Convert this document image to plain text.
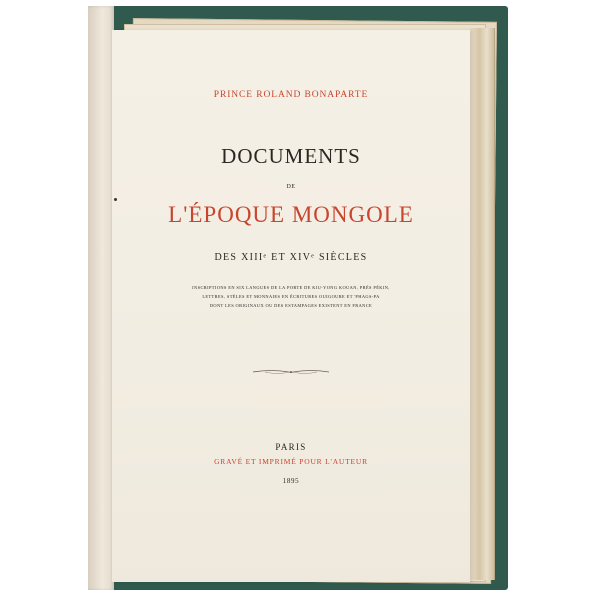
PRINCE ROLAND BONAPARTE
DOCUMENTS
DE
L'ÉPOQUE MONGOLE
DES XIIIᵉ ET XIVᵉ SIÈCLES
INSCRIPTIONS EN SIX LANGUES DE LA PORTE DE KIU-YONG KOUAN, PRÈS PÉKIN,
LETTRES, STÈLES ET MONNAIES EN ÉCRITURES OUIGOURE ET 'PHAGS-PA
DONT LES ORIGINAUX OU DES ESTAMPAGES EXISTENT EN FRANCE
PARIS
GRAVÉ ET IMPRIMÉ POUR L'AUTEUR
1895
